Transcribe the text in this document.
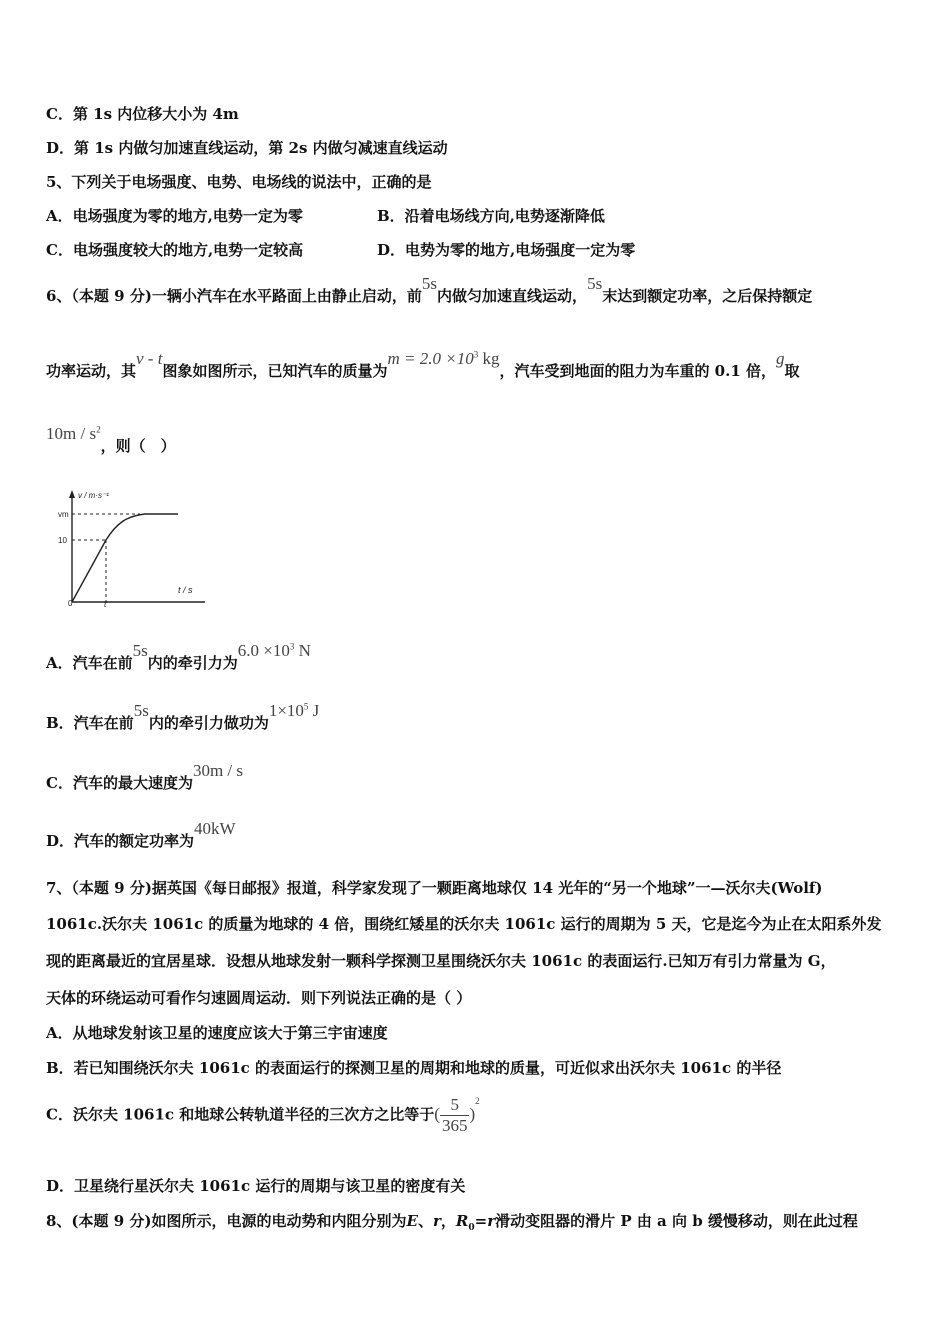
C．第 1s 内位移大小为 4m
D．第 1s 内做匀加速直线运动，第 2s 内做匀减速直线运动
5、下列关于电场强度、电势、电场线的说法中，正确的是
A．电场强度为零的地方,电势一定为零	B．沿着电场线方向,电势逐渐降低
C．电场强度较大的地方,电势一定较高	D．电势为零的地方,电场强度一定为零
6、（本题 9 分)一辆小汽车在水平路面上由静止启动，前5s内做匀加速直线运动，5s末达到额定功率，之后保持额定
功率运动，其v - t图象如图所示，已知汽车的质量为$m = 2.0 \times 10^3$ kg，汽车受到地面的阻力为车重的 0.1 倍，g取
$10m / s^2$，则（　）
v / m·s⁻¹
t / s
vm
10
0	t
A．汽车在前5s内的牵引力为$6.0 \times 10^3$ N
B．汽车在前5s内的牵引力做功为$1\times 10^5$ J
C．汽车的最大速度为30m / s
D．汽车的额定功率为40kW
7、（本题 9 分)据英国《每日邮报》报道，科学家发现了一颗距离地球仅 14 光年的“另一个地球”一—沃尔夫(Wolf)
1061c.沃尔夫 1061c 的质量为地球的 4 倍，围绕红矮星的沃尔夫 1061c 运行的周期为 5 天，它是迄今为止在太阳系外发
现的距离最近的宜居星球．设想从地球发射一颗科学探测卫星围绕沃尔夫 1061c 的表面运行.已知万有引力常量为 G，
天体的环绕运动可看作匀速圆周运动．则下列说法正确的是（ ）
A．从地球发射该卫星的速度应该大于第三宇宙速度
B．若已知围绕沃尔夫 1061c 的表面运行的探测卫星的周期和地球的质量，可近似求出沃尔夫 1061c 的半径
C．沃尔夫 1061c 和地球公转轨道半径的三次方之比等于( $\frac{5}{365} )^2$
D．卫星绕行星沃尔夫 1061c 运行的周期与该卫星的密度有关
8、(本题 9 分)如图所示，电源的电动势和内阻分别为E、r，$R_0=r$滑动变阻器的滑片 P 由 a 向 b 缓慢移动，则在此过程
